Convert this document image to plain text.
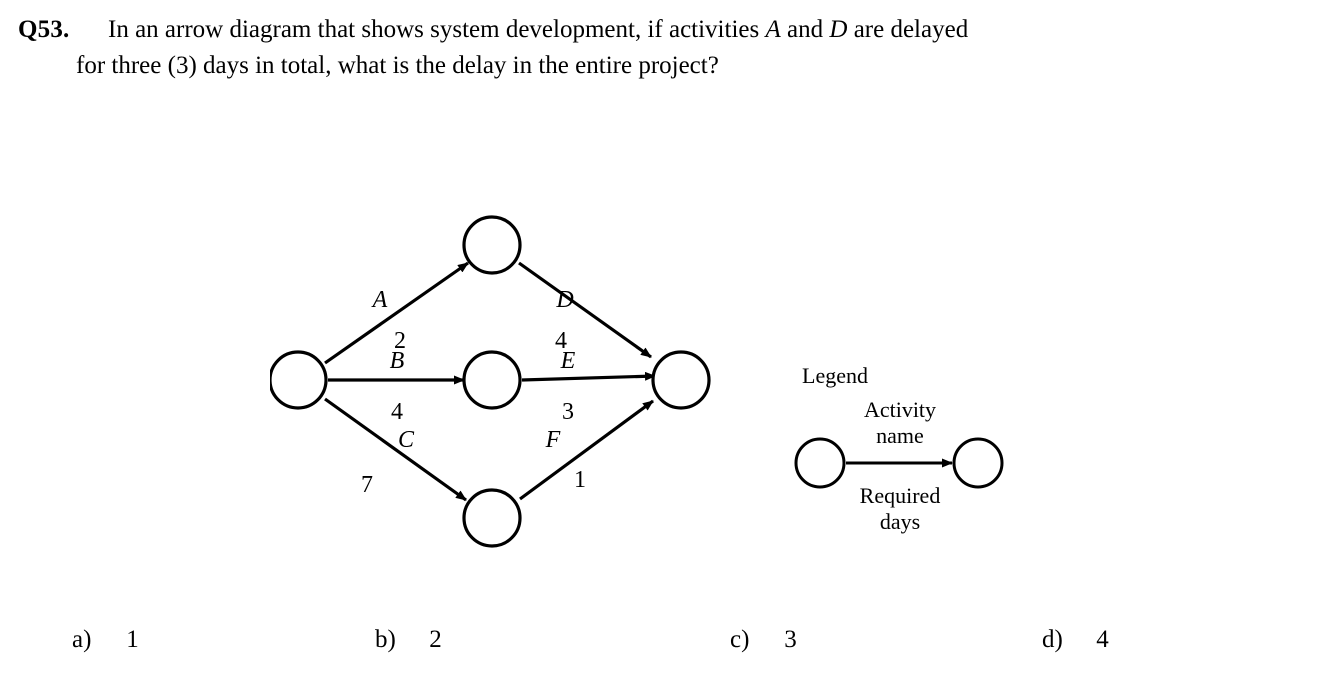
Q53. In an arrow diagram that shows system development, if activities A and D are delayed
for three (3) days in total, what is the delay in the entire project?
A
2
D
4
B
4
E
3
C
7
F
1
Legend
Activity
name
Required
days
a) 1	b) 2	c) 3	d) 4
